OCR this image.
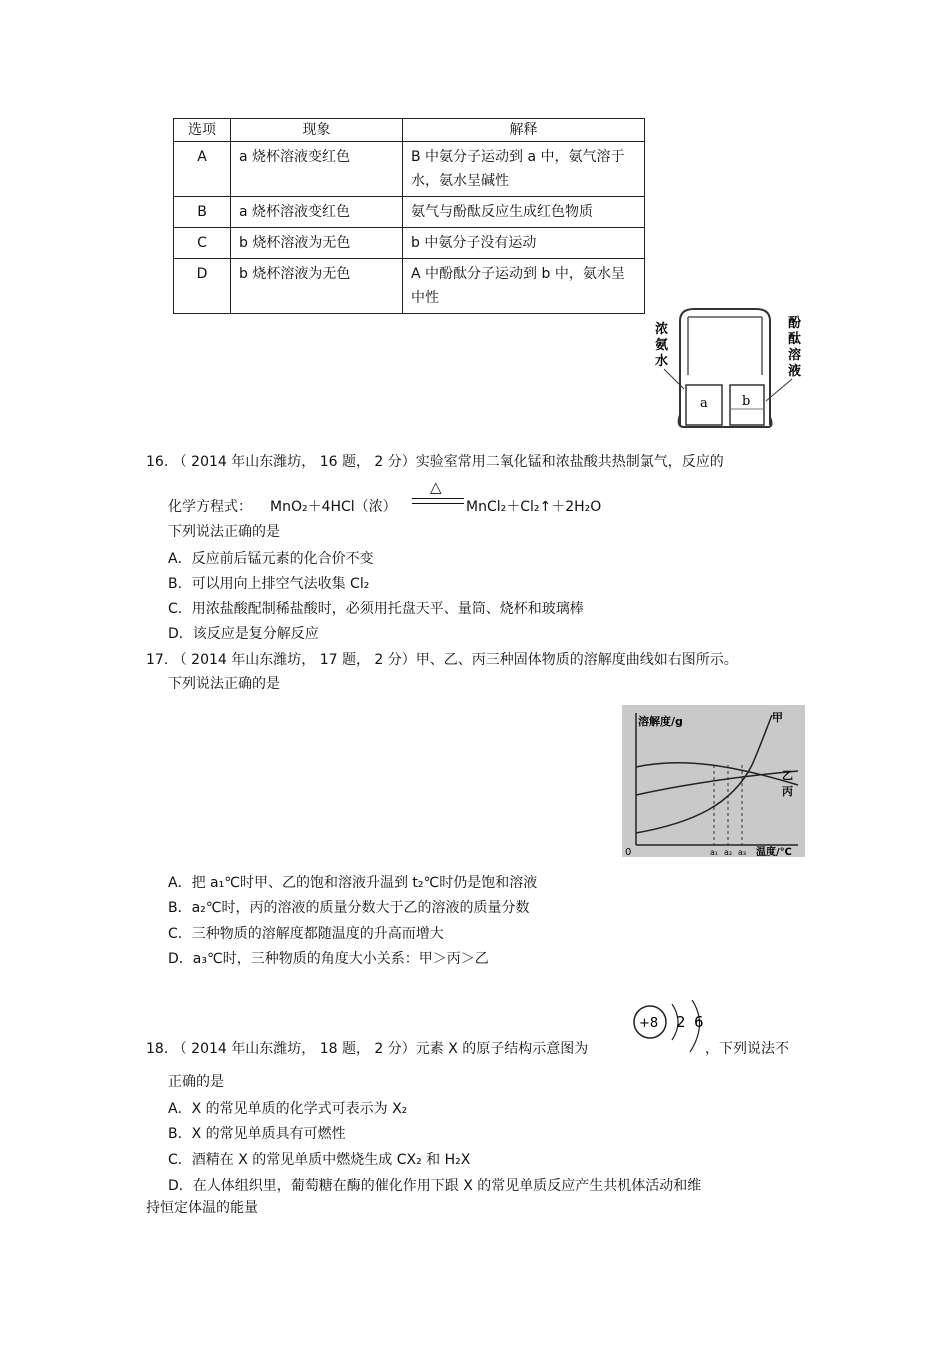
选项	现象	解释
A	a 烧杯溶液变红色	B 中氨分子运动到 a 中，氨气溶于水，氨水呈碱性
B	a 烧杯溶液变红色	氨气与酚酞反应生成红色物质
C	b 烧杯溶液为无色	b 中氨分子没有运动
D	b 烧杯溶液为无色	A 中酚酞分子运动到 b 中，氨水呈中性
a	b
浓
氨
水
酚
酞
溶
液
16. （ 2014 年山东潍坊， 16 题， 2 分）实验室常用二氧化锰和浓盐酸共热制氯气，反应的
化学方程式： MnO₂＋4HCl（浓）
△
MnCl₂＋Cl₂↑＋2H₂O
下列说法正确的是
A．反应前后锰元素的化合价不变
B．可以用向上排空气法收集 Cl₂
C．用浓盐酸配制稀盐酸时，必须用托盘天平、量筒、烧杯和玻璃棒
D．该反应是复分解反应
17. （ 2014 年山东潍坊， 17 题， 2 分）甲、乙、丙三种固体物质的溶解度曲线如右图所示。
下列说法正确的是
溶解度/g
温度/℃
0	a₁ a₂ a₃
甲
乙
丙
A．把 a₁℃时甲、乙的饱和溶液升温到 t₂℃时仍是饱和溶液
B．a₂℃时，丙的溶液的质量分数大于乙的溶液的质量分数
C．三种物质的溶解度都随温度的升高而增大
D．a₃℃时，三种物质的角度大小关系：甲＞丙＞乙
+8 2 6
18. （ 2014 年山东潍坊， 18 题， 2 分）元素 X 的原子结构示意图为	，下列说法不
正确的是
A．X 的常见单质的化学式可表示为 X₂
B．X 的常见单质具有可燃性
C．酒精在 X 的常见单质中燃烧生成 CX₂ 和 H₂X
D．在人体组织里，葡萄糖在酶的催化作用下跟 X 的常见单质反应产生共机体活动和维
持恒定体温的能量
